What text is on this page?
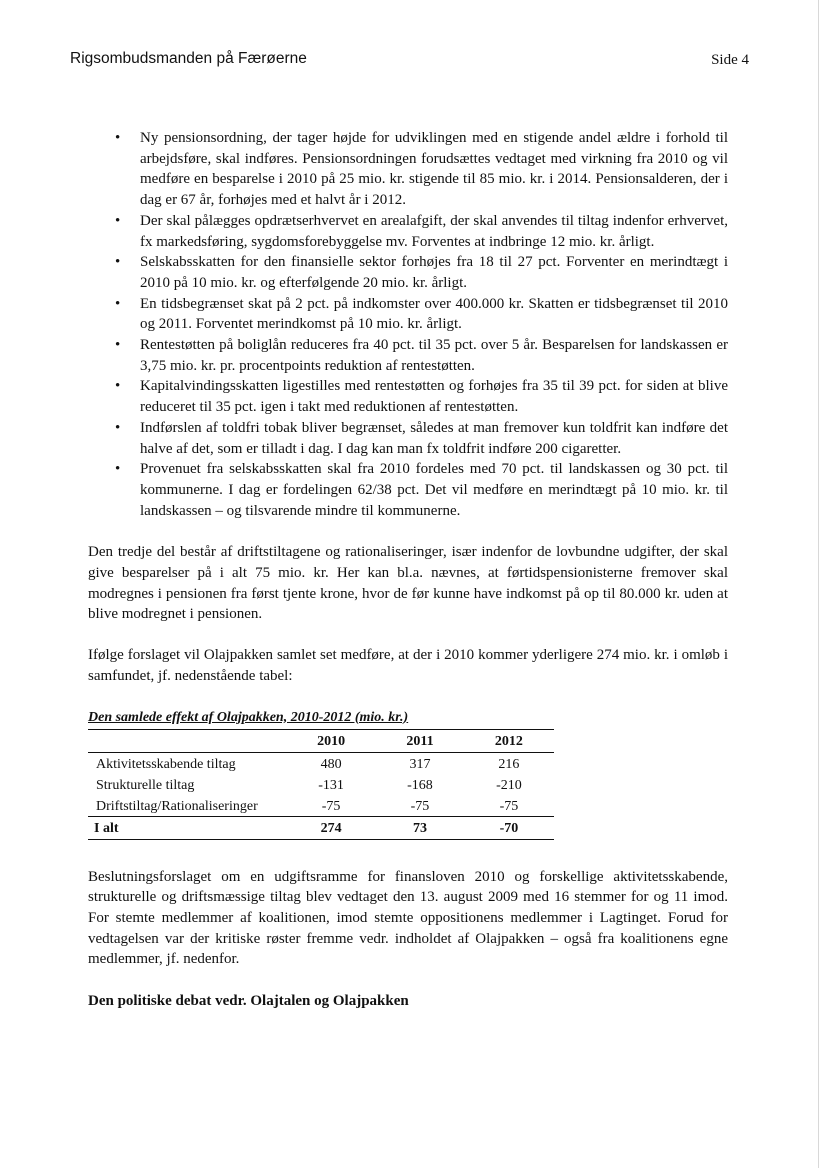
Rigsombudsmanden på Færøerne	Side 4
• Ny pensionsordning, der tager højde for udviklingen med en stigende andel ældre i forhold til arbejdsføre, skal indføres. Pensionsordningen forudsættes vedtaget med virkning fra 2010 og vil medføre en besparelse i 2010 på 25 mio. kr. stigende til 85 mio. kr. i 2014. Pensionsalderen, der i dag er 67 år, forhøjes med et halvt år i 2012.
• Der skal pålægges opdrætserhvervet en arealafgift, der skal anvendes til tiltag indenfor erhvervet, fx markedsføring, sygdomsforebyggelse mv. Forventes at indbringe 12 mio. kr. årligt.
• Selskabsskatten for den finansielle sektor forhøjes fra 18 til 27 pct. Forventer en merindtægt i 2010 på 10 mio. kr. og efterfølgende 20 mio. kr. årligt.
• En tidsbegrænset skat på 2 pct. på indkomster over 400.000 kr. Skatten er tidsbegrænset til 2010 og 2011. Forventet merindkomst på 10 mio. kr. årligt.
• Rentestøtten på boliglån reduceres fra 40 pct. til 35 pct. over 5 år. Besparelsen for landskassen er 3,75 mio. kr. pr. procentpoints reduktion af rentestøtten.
• Kapitalvindingsskatten ligestilles med rentestøtten og forhøjes fra 35 til 39 pct. for siden at blive reduceret til 35 pct. igen i takt med reduktionen af rentestøtten.
• Indførslen af toldfri tobak bliver begrænset, således at man fremover kun toldfrit kan indføre det halve af det, som er tilladt i dag. I dag kan man fx toldfrit indføre 200 cigaretter.
• Provenuet fra selskabsskatten skal fra 2010 fordeles med 70 pct. til landskassen og 30 pct. til kommunerne. I dag er fordelingen 62/38 pct. Det vil medføre en merindtægt på 10 mio. kr. til landskassen – og tilsvarende mindre til kommunerne.

Den tredje del består af driftstiltagene og rationaliseringer, især indenfor de lovbundne udgifter, der skal give besparelser på i alt 75 mio. kr. Her kan bl.a. nævnes, at førtidspensionisterne fremover skal modregnes i pensionen fra først tjente krone, hvor de før kunne have indkomst på op til 80.000 kr. uden at blive modregnet i pensionen.

Ifølge forslaget vil Olajpakken samlet set medføre, at der i 2010 kommer yderligere 274 mio. kr. i omløb i samfundet, jf. nedenstående tabel:

Den samlede effekt af Olajpakken, 2010-2012 (mio. kr.)
	2010	2011	2012
Aktivitetsskabende tiltag	480	317	216
Strukturelle tiltag	-131	-168	-210
Driftstiltag/Rationaliseringer	-75	-75	-75
I alt	274	73	-70

Beslutningsforslaget om en udgiftsramme for finansloven 2010 og forskellige aktivitetsskabende, strukturelle og driftsmæssige tiltag blev vedtaget den 13. august 2009 med 16 stemmer for og 11 imod. For stemte medlemmer af koalitionen, imod stemte oppositionens medlemmer i Lagtinget. Forud for vedtagelsen var der kritiske røster fremme vedr. indholdet af Olajpakken – også fra koalitionens egne medlemmer, jf. nedenfor.

Den politiske debat vedr. Olajtalen og Olajpakken
